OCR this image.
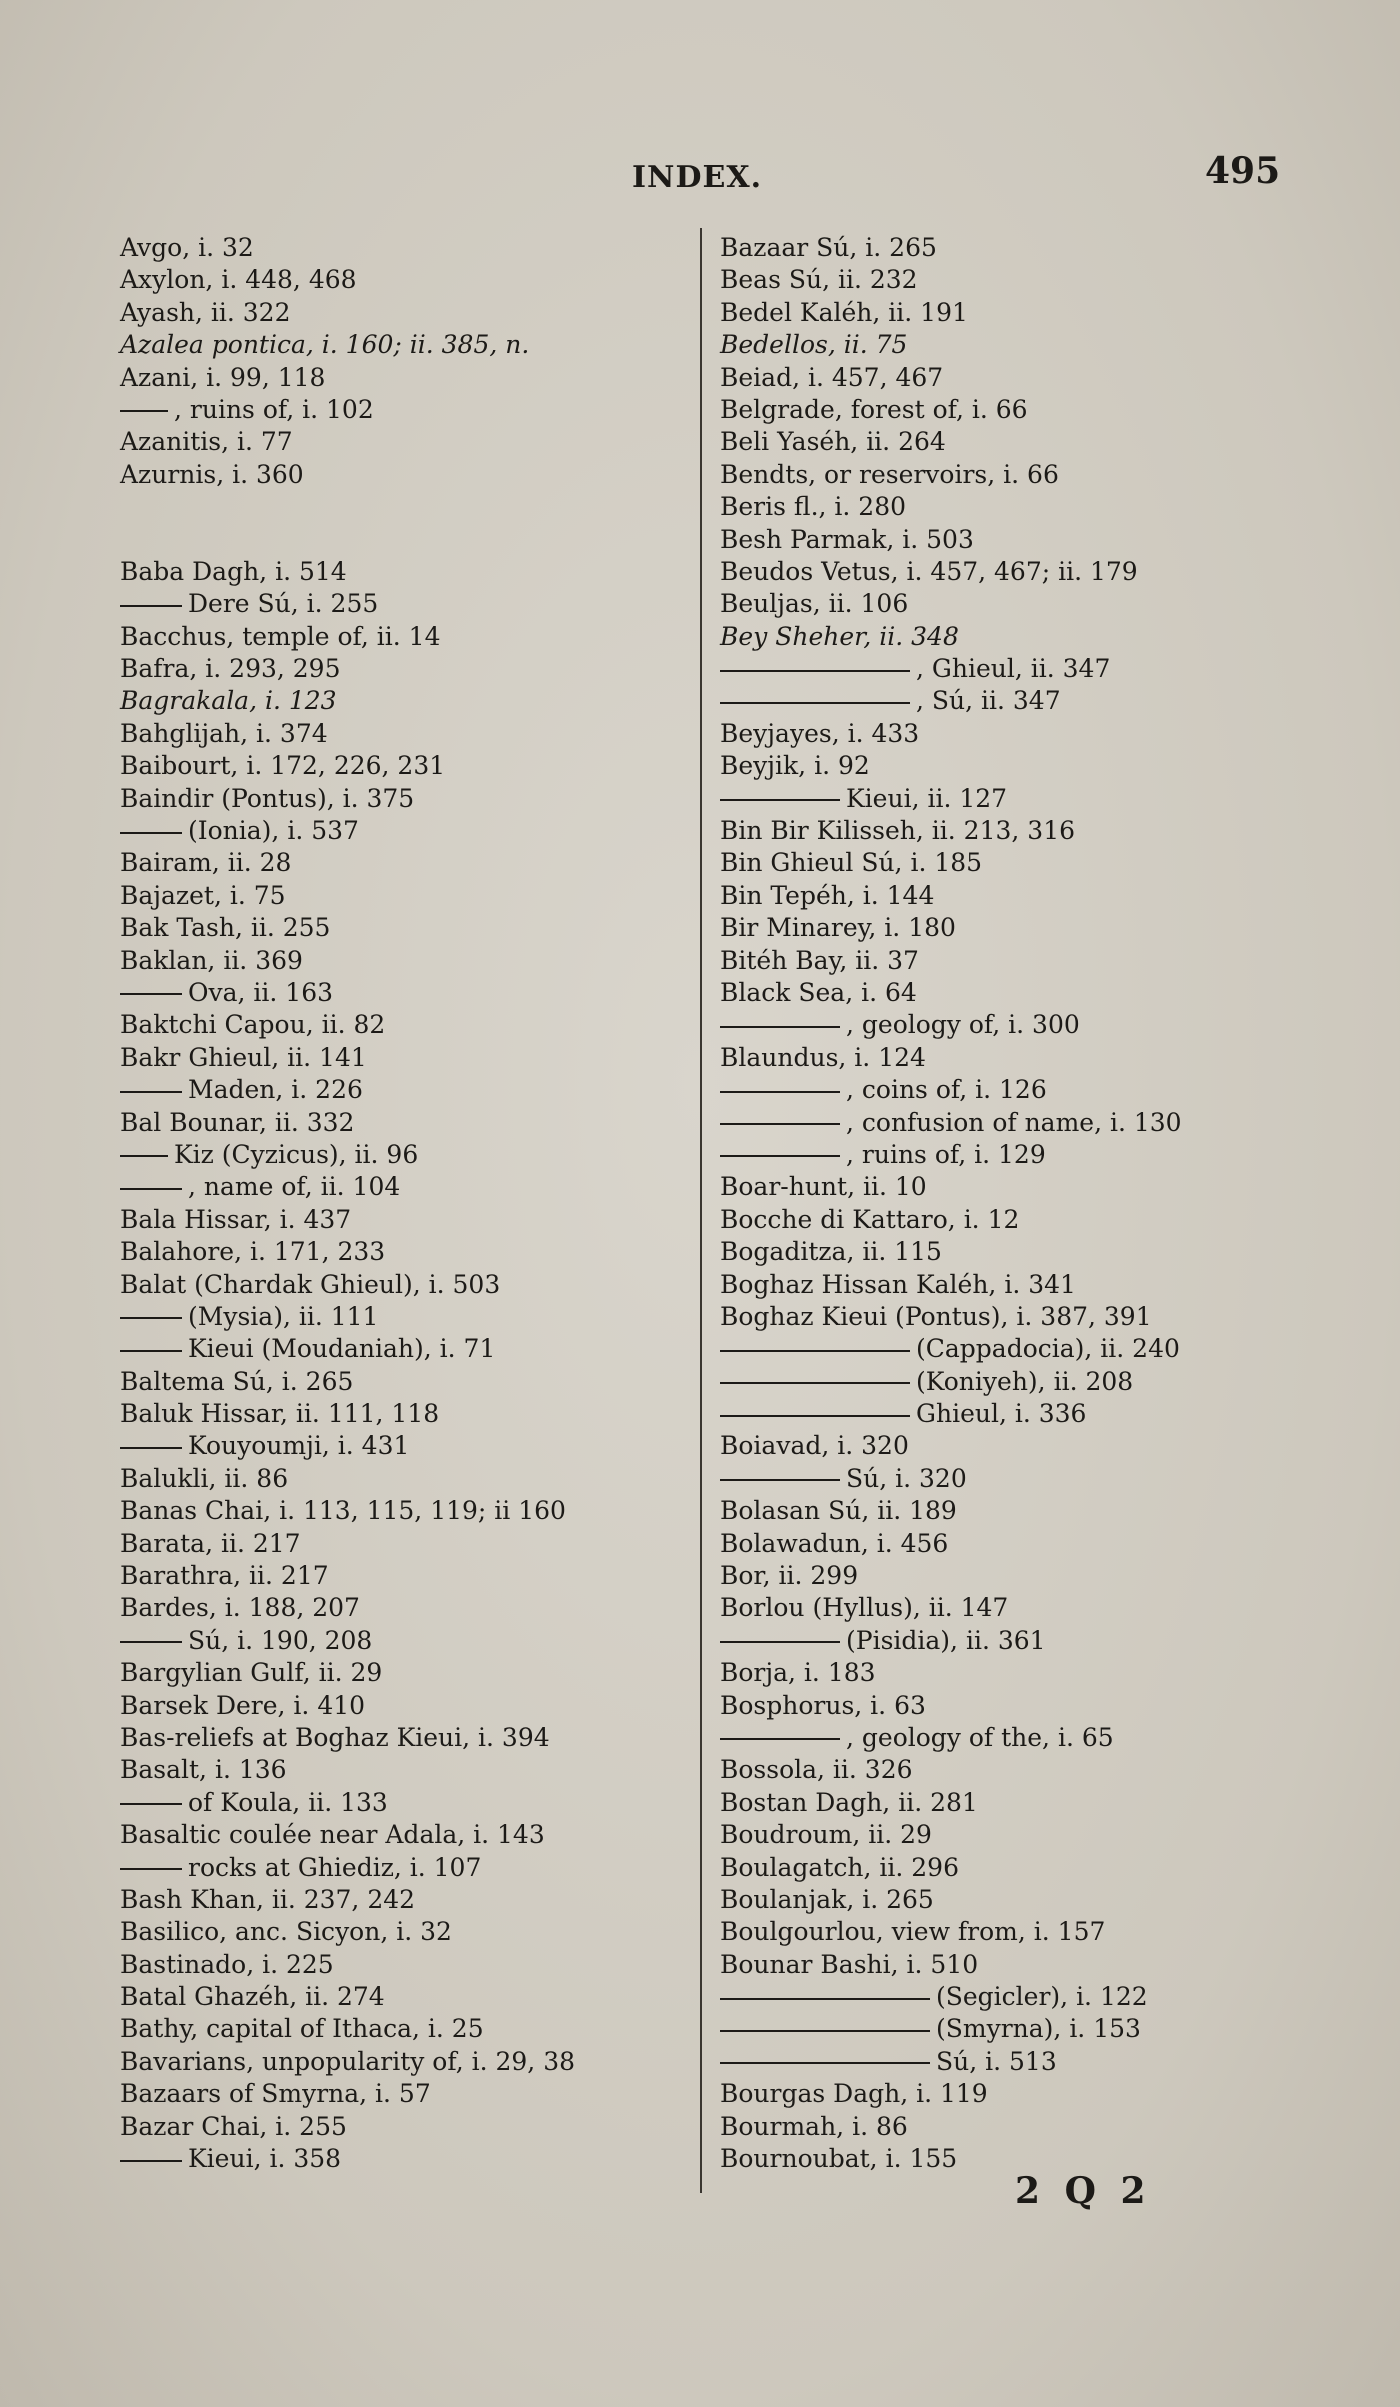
INDEX.	495
Avgo, i. 32
Axylon, i. 448, 468
Ayash, ii. 322
Azalea pontica, i. 160; ii. 385, n.
Azani, i. 99, 118
, ruins of, i. 102
Azanitis, i. 77
Azurnis, i. 360
Baba Dagh, i. 514
Dere Sú, i. 255
Bacchus, temple of, ii. 14
Bafra, i. 293, 295
Bagrakala, i. 123
Bahglijah, i. 374
Baibourt, i. 172, 226, 231
Baindir (Pontus), i. 375
(Ionia), i. 537
Bairam, ii. 28
Bajazet, i. 75
Bak Tash, ii. 255
Baklan, ii. 369
Ova, ii. 163
Baktchi Capou, ii. 82
Bakr Ghieul, ii. 141
Maden, i. 226
Bal Bounar, ii. 332
Kiz (Cyzicus), ii. 96
, name of, ii. 104
Bala Hissar, i. 437
Balahore, i. 171, 233
Balat (Chardak Ghieul), i. 503
(Mysia), ii. 111
Kieui (Moudaniah), i. 71
Baltema Sú, i. 265
Baluk Hissar, ii. 111, 118
Kouyoumji, i. 431
Balukli, ii. 86
Banas Chai, i. 113, 115, 119; ii 160
Barata, ii. 217
Barathra, ii. 217
Bardes, i. 188, 207
Sú, i. 190, 208
Bargylian Gulf, ii. 29
Barsek Dere, i. 410
Bas-reliefs at Boghaz Kieui, i. 394
Basalt, i. 136
of Koula, ii. 133
Basaltic coulée near Adala, i. 143
rocks at Ghiediz, i. 107
Bash Khan, ii. 237, 242
Basilico, anc. Sicyon, i. 32
Bastinado, i. 225
Batal Ghazéh, ii. 274
Bathy, capital of Ithaca, i. 25
Bavarians, unpopularity of, i. 29, 38
Bazaars of Smyrna, i. 57
Bazar Chai, i. 255
Kieui, i. 358
Bazaar Sú, i. 265
Beas Sú, ii. 232
Bedel Kaléh, ii. 191
Bedellos, ii. 75
Beiad, i. 457, 467
Belgrade, forest of, i. 66
Beli Yaséh, ii. 264
Bendts, or reservoirs, i. 66
Beris fl., i. 280
Besh Parmak, i. 503
Beudos Vetus, i. 457, 467; ii. 179
Beuljas, ii. 106
Bey Sheher, ii. 348
, Ghieul, ii. 347
, Sú, ii. 347
Beyjayes, i. 433
Beyjik, i. 92
Kieui, ii. 127
Bin Bir Kilisseh, ii. 213, 316
Bin Ghieul Sú, i. 185
Bin Tepéh, i. 144
Bir Minarey, i. 180
Bitéh Bay, ii. 37
Black Sea, i. 64
, geology of, i. 300
Blaundus, i. 124
, coins of, i. 126
, confusion of name, i. 130
, ruins of, i. 129
Boar-hunt, ii. 10
Bocche di Kattaro, i. 12
Bogaditza, ii. 115
Boghaz Hissan Kaléh, i. 341
Boghaz Kieui (Pontus), i. 387, 391
(Cappadocia), ii. 240
(Koniyeh), ii. 208
Ghieul, i. 336
Boiavad, i. 320
Sú, i. 320
Bolasan Sú, ii. 189
Bolawadun, i. 456
Bor, ii. 299
Borlou (Hyllus), ii. 147
(Pisidia), ii. 361
Borja, i. 183
Bosphorus, i. 63
, geology of the, i. 65
Bossola, ii. 326
Bostan Dagh, ii. 281
Boudroum, ii. 29
Boulagatch, ii. 296
Boulanjak, i. 265
Boulgourlou, view from, i. 157
Bounar Bashi, i. 510
(Segicler), i. 122
(Smyrna), i. 153
Sú, i. 513
Bourgas Dagh, i. 119
Bourmah, i. 86
Bournoubat, i. 155
2 Q 2
